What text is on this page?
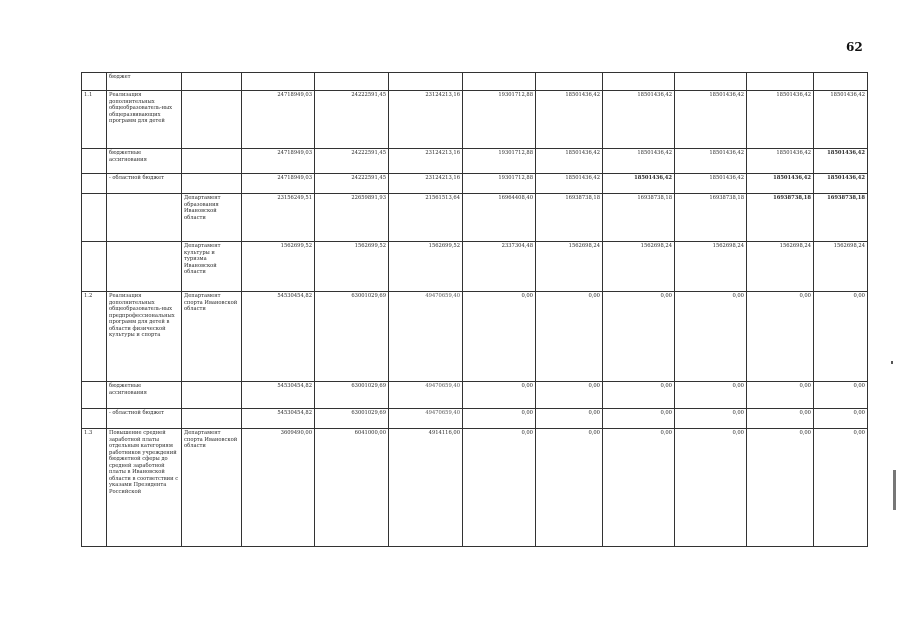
62
	бюджет										
1.1	Реализация дополнительных общеобразователь-ных общеразвивающих программ для детей		24718949,03	24222591,45	23124213,16	19301712,88	18501436,42	18501436,42	18501436,42	18501436,42	18501436,42
	бюджетные ассигнования		24718949,03	24222591,45	23124213,16	19301712,88	18501436,42	18501436,42	18501436,42	18501436,42	18501436,42
	- областной бюджет		24718949,03	24222591,45	23124213,16	19301712,88	18501436,42	18501436,42	18501436,42	18501436,42	18501436,42
		Департамент образования Ивановской области	23156249,51	22659891,93	21561513,64	16964408,40	16938738,18	16938738,18	16938738,18	16938738,18	16938738,18
		Департамент культуры и туризма Ивановской области	1562699,52	1562699,52	1562699,52	2337304,48	1562698,24	1562698,24	1562698,24	1562698,24	1562698,24
1.2	Реализация дополнительных общеобразователь-ных предпрофессиональных программ для детей в области физической культуры и спорта	Департамент спорта Ивановской области	54530454,82	63001029,69	49470659,40	0,00	0,00	0,00	0,00	0,00	0,00
	бюджетные ассигнования		54530454,82	63001029,69	49470659,40	0,00	0,00	0,00	0,00	0,00	0,00
	- областной бюджет		54530454,82	63001029,69	49470659,40	0,00	0,00	0,00	0,00	0,00	0,00
1.3	Повышение средней заработной платы отдельным категориям работников учреждений бюджетной сферы до средней заработной платы в Ивановской области в соответствии с указами Президента Российской	Департамент спорта Ивановской области	3609490,00	6041000,00	4914116,00	0,00	0,00	0,00	0,00	0,00	0,00
